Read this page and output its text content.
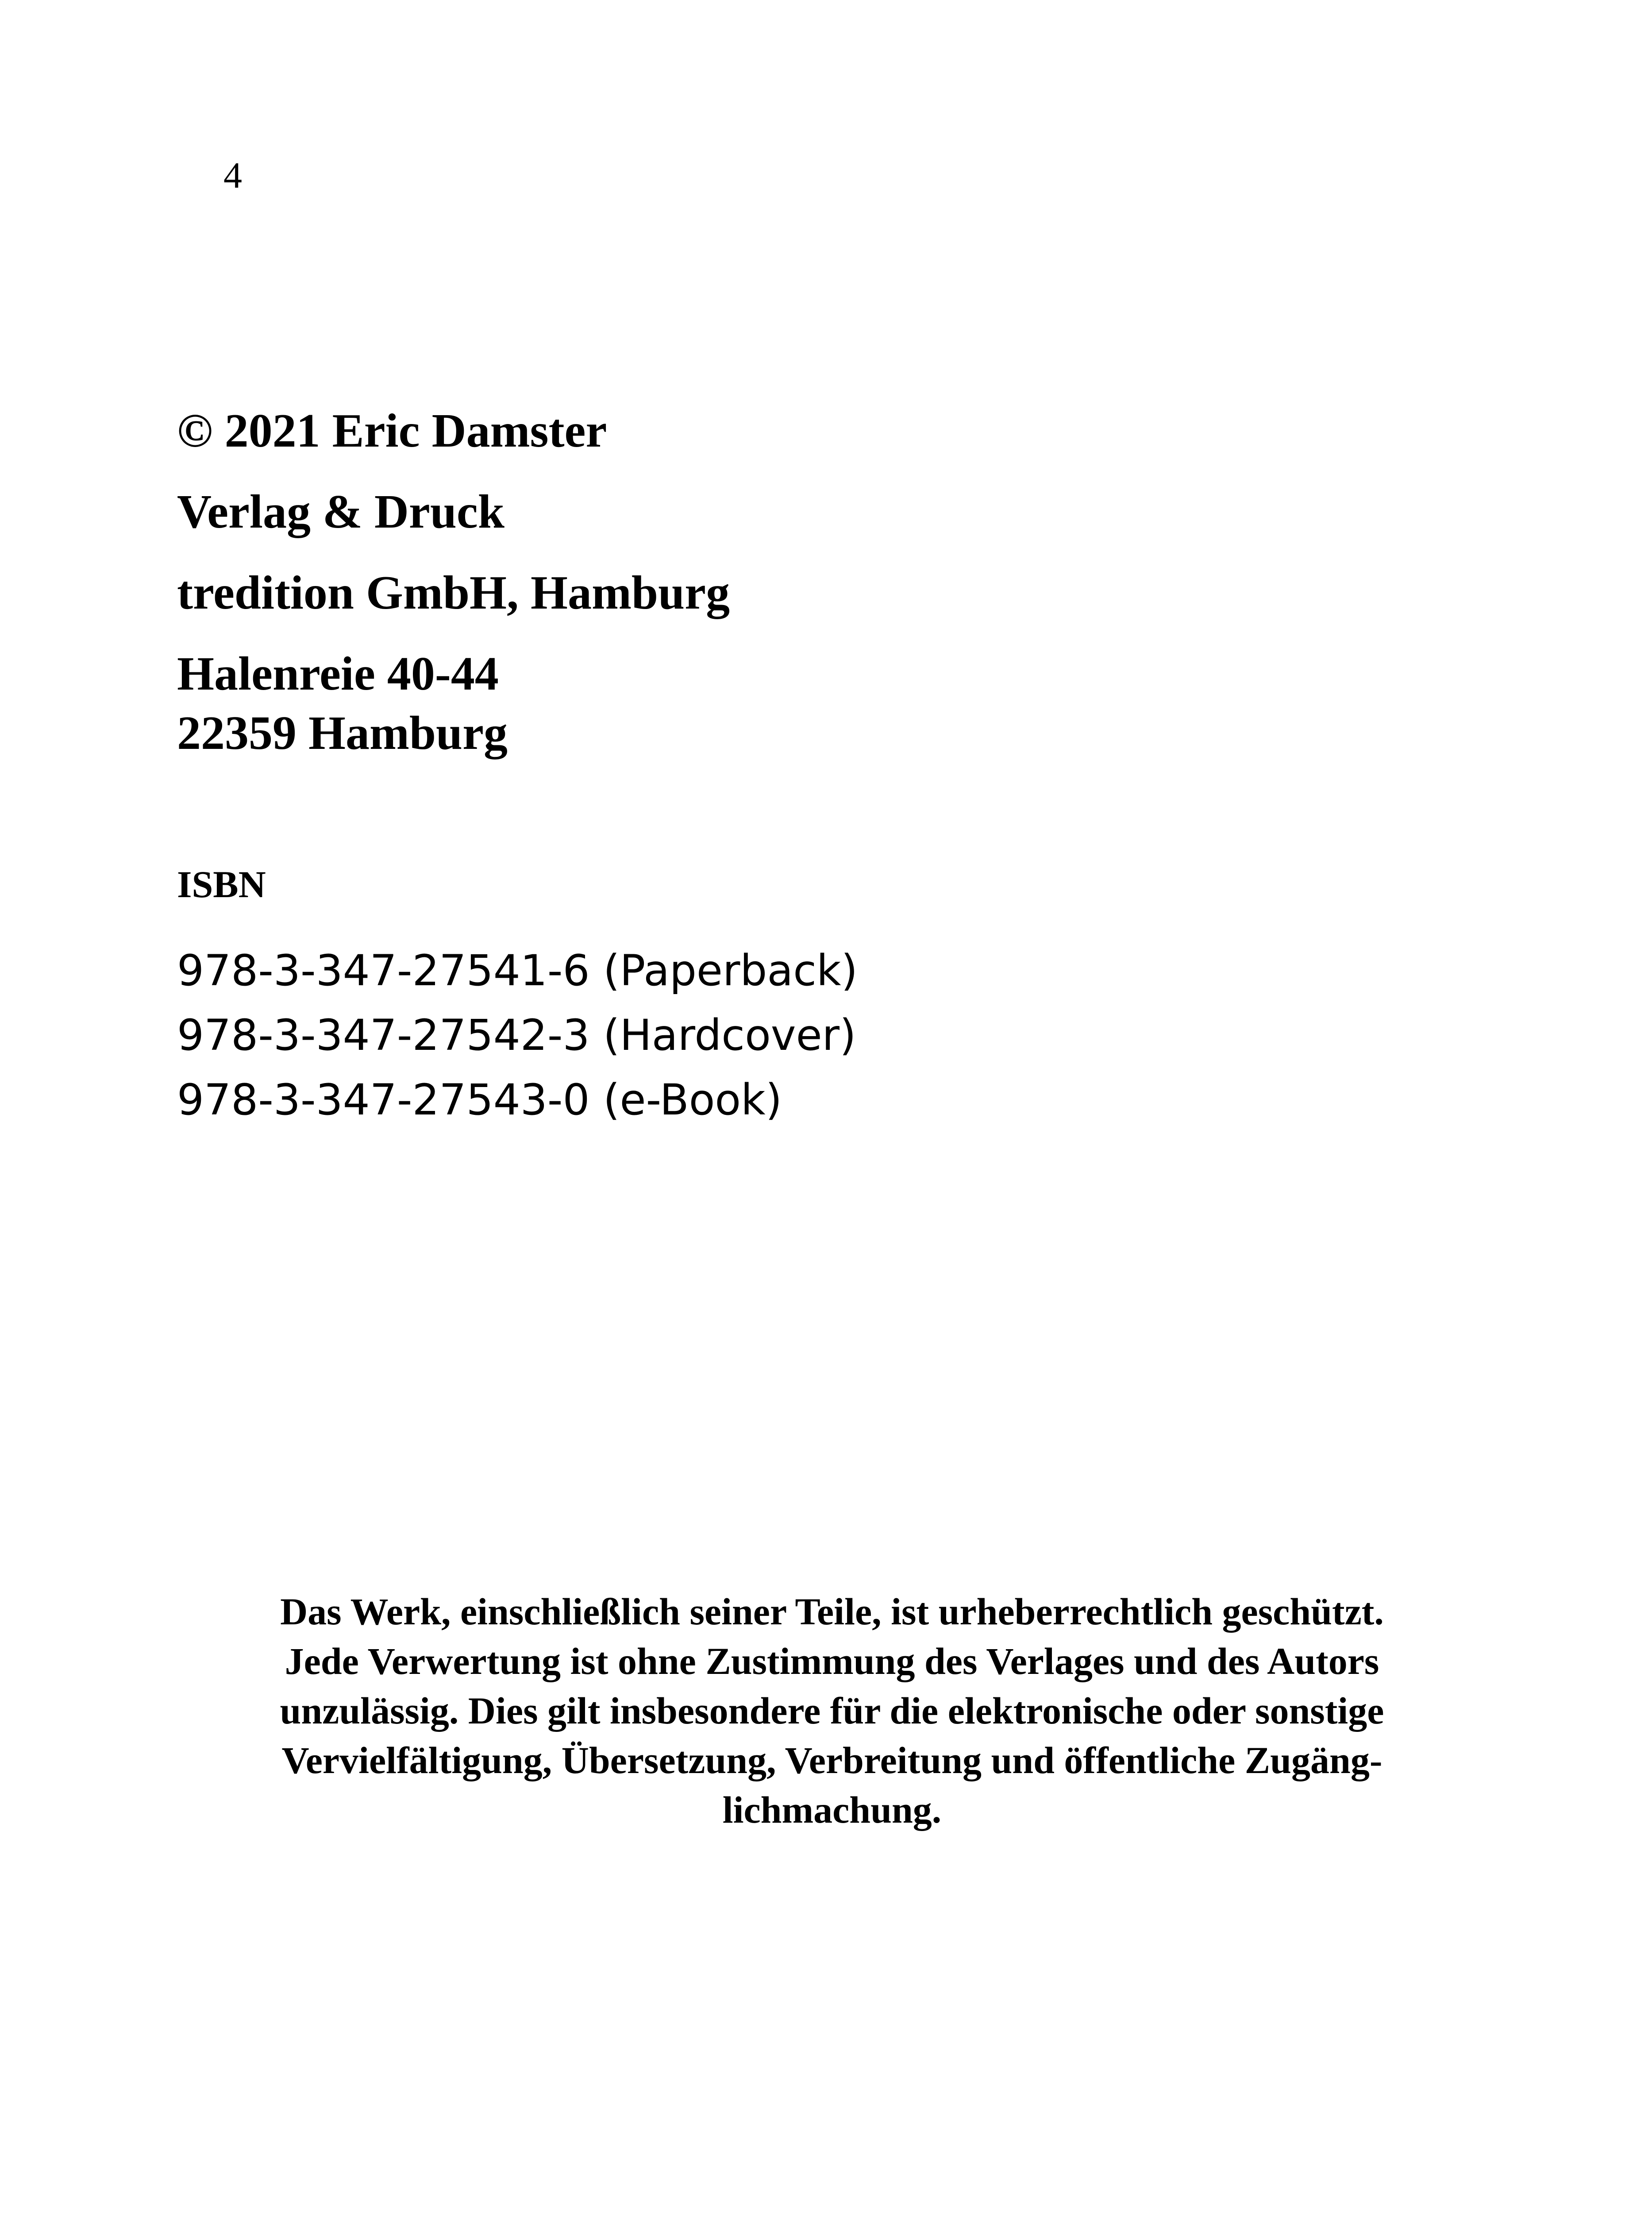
4
© 2021 Eric Damster
Verlag & Druck
tredition GmbH, Hamburg
Halenreie 40-44
22359 Hamburg
ISBN
978-3-347-27541-6 (Paperback)
978-3-347-27542-3 (Hardcover)
978-3-347-27543-0 (e-Book)
Das Werk, einschließlich seiner Teile, ist urheberrechtlich geschützt.
Jede Verwertung ist ohne Zustimmung des Verlages und des Autors
unzulässig. Dies gilt insbesondere für die elektronische oder sonstige
Vervielfältigung, Übersetzung, Verbreitung und öffentliche Zugäng-
lichmachung.
